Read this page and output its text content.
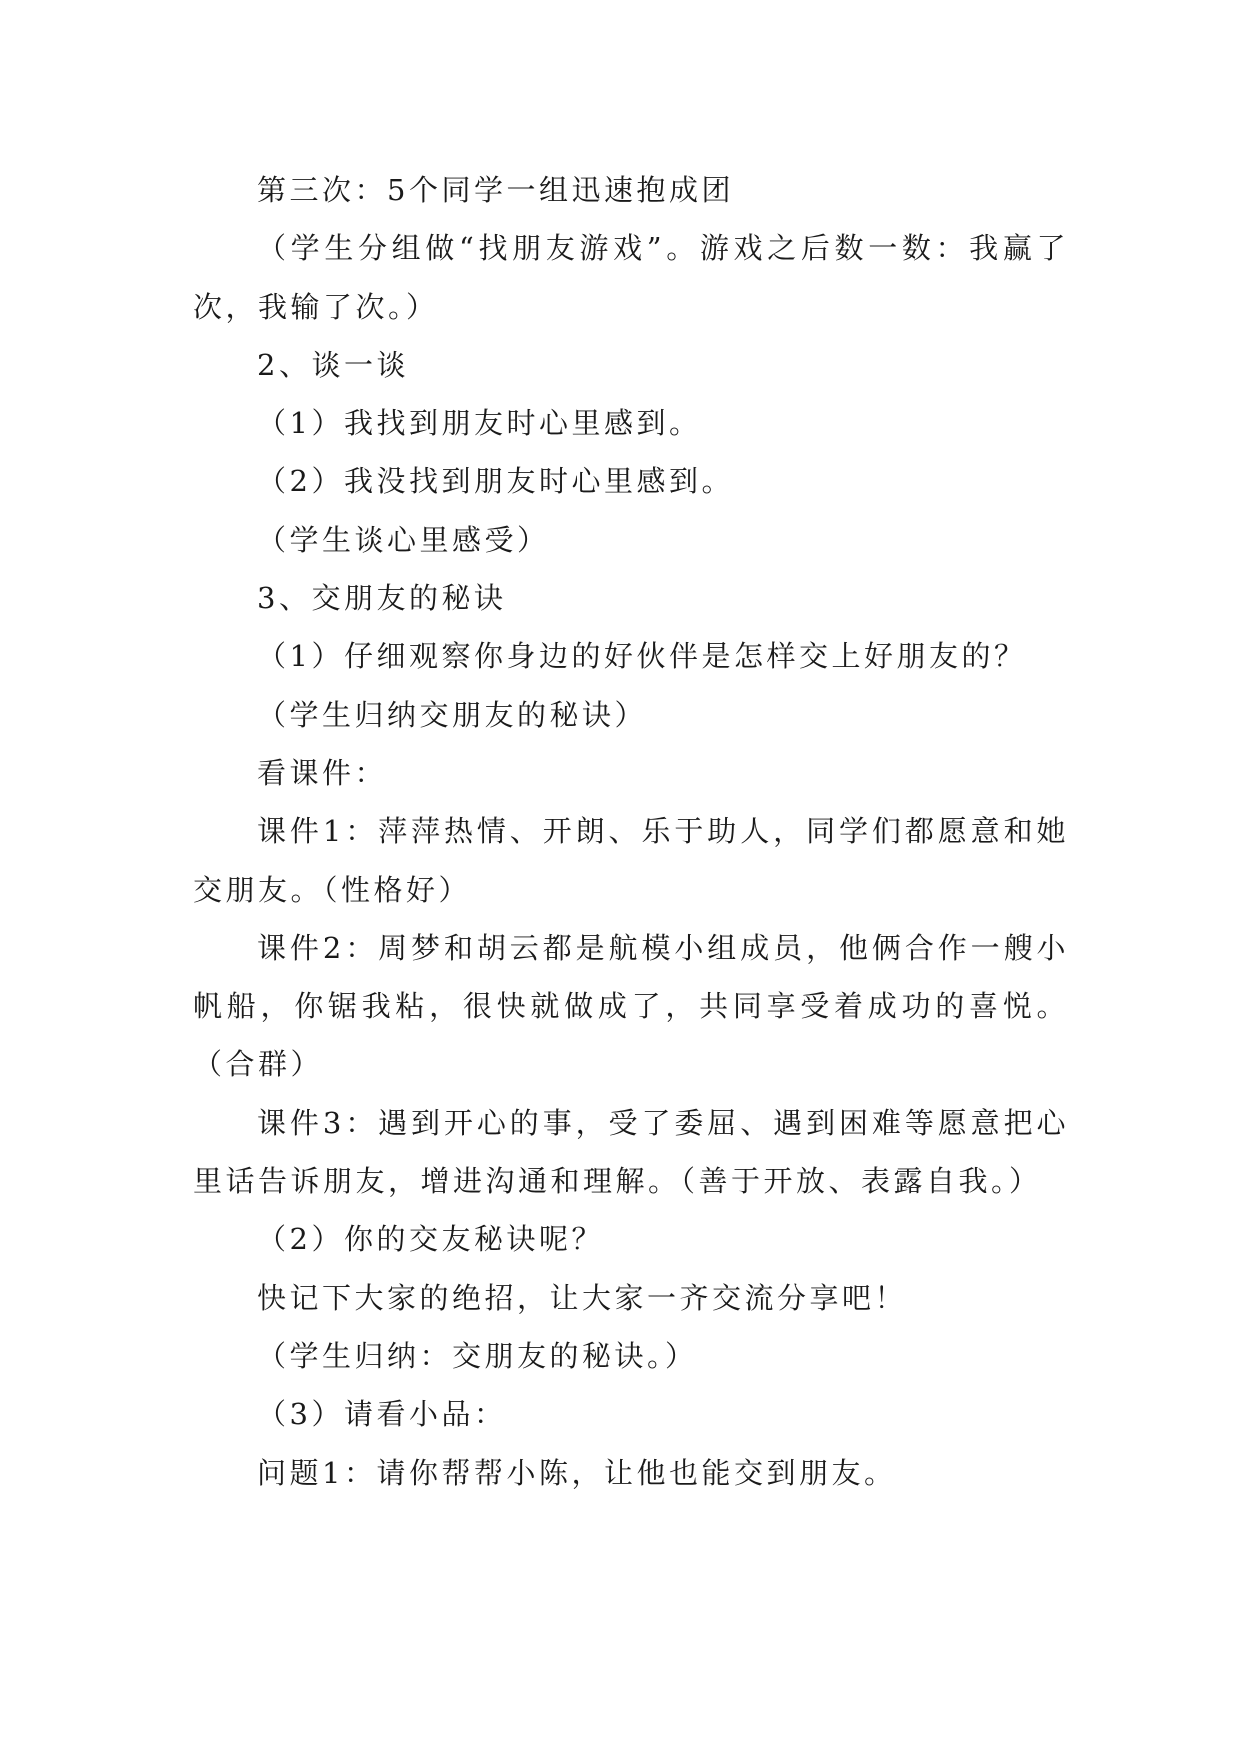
第三次：5个同学一组迅速抱成团

（学生分组做“找朋友游戏”。游戏之后数一数：我赢了次，我输了次。）

2、谈一谈

（1）我找到朋友时心里感到。

（2）我没找到朋友时心里感到。

（学生谈心里感受）

3、交朋友的秘诀

（1）仔细观察你身边的好伙伴是怎样交上好朋友的？

（学生归纳交朋友的秘诀）

看课件：

课件1：萍萍热情、开朗、乐于助人，同学们都愿意和她交朋友。（性格好）

课件2：周梦和胡云都是航模小组成员，他俩合作一艘小帆船，你锯我粘，很快就做成了，共同享受着成功的喜悦。（合群）

课件3：遇到开心的事，受了委屈、遇到困难等愿意把心里话告诉朋友，增进沟通和理解。（善于开放、表露自我。）

（2）你的交友秘诀呢？

快记下大家的绝招，让大家一齐交流分享吧！

（学生归纳：交朋友的秘诀。）

（3）请看小品：

问题1：请你帮帮小陈，让他也能交到朋友。
